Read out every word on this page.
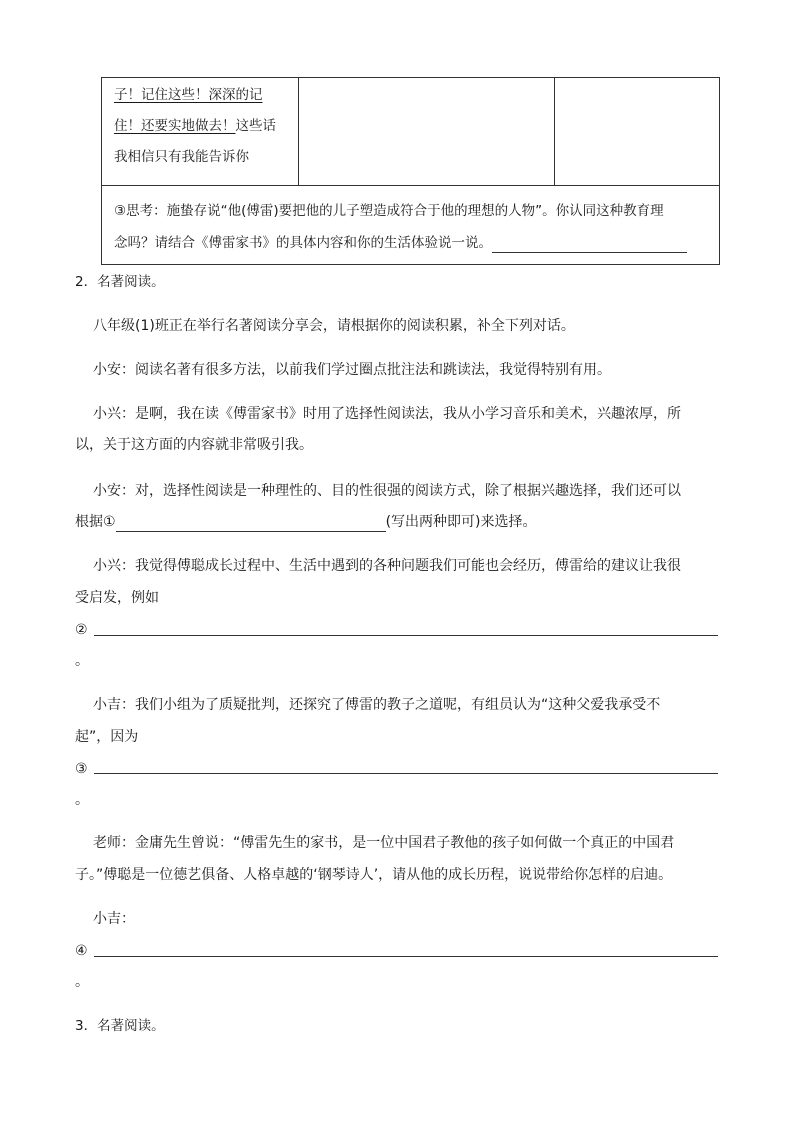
子！记住这些！深深的记
住！还要实地做去！这些话
我相信只有我能告诉你
③思考：施蛰存说“他(傅雷)要把他的儿子塑造成符合于他的理想的人物”。你认同这种教育理
念吗？请结合《傅雷家书》的具体内容和你的生活体验说一说。
2．名著阅读。
八年级(1)班正在举行名著阅读分享会，请根据你的阅读积累，补全下列对话。
小安：阅读名著有很多方法，以前我们学过圈点批注法和跳读法，我觉得特别有用。
小兴：是啊，我在读《傅雷家书》时用了选择性阅读法，我从小学习音乐和美术，兴趣浓厚，所
以，关于这方面的内容就非常吸引我。
小安：对，选择性阅读是一种理性的、目的性很强的阅读方式，除了根据兴趣选择，我们还可以
根据①	(写出两种即可)来选择。
小兴：我觉得傅聪成长过程中、生活中遇到的各种问题我们可能也会经历，傅雷给的建议让我很
受启发，例如
②
。
小吉：我们小组为了质疑批判，还探究了傅雷的教子之道呢，有组员认为“这种父爱我承受不
起”，因为
③
。
老师：金庸先生曾说：“傅雷先生的家书，是一位中国君子教他的孩子如何做一个真正的中国君
子。”傅聪是一位德艺俱备、人格卓越的‘钢琴诗人’，请从他的成长历程，说说带给你怎样的启迪。
小吉：
④
。
3．名著阅读。
